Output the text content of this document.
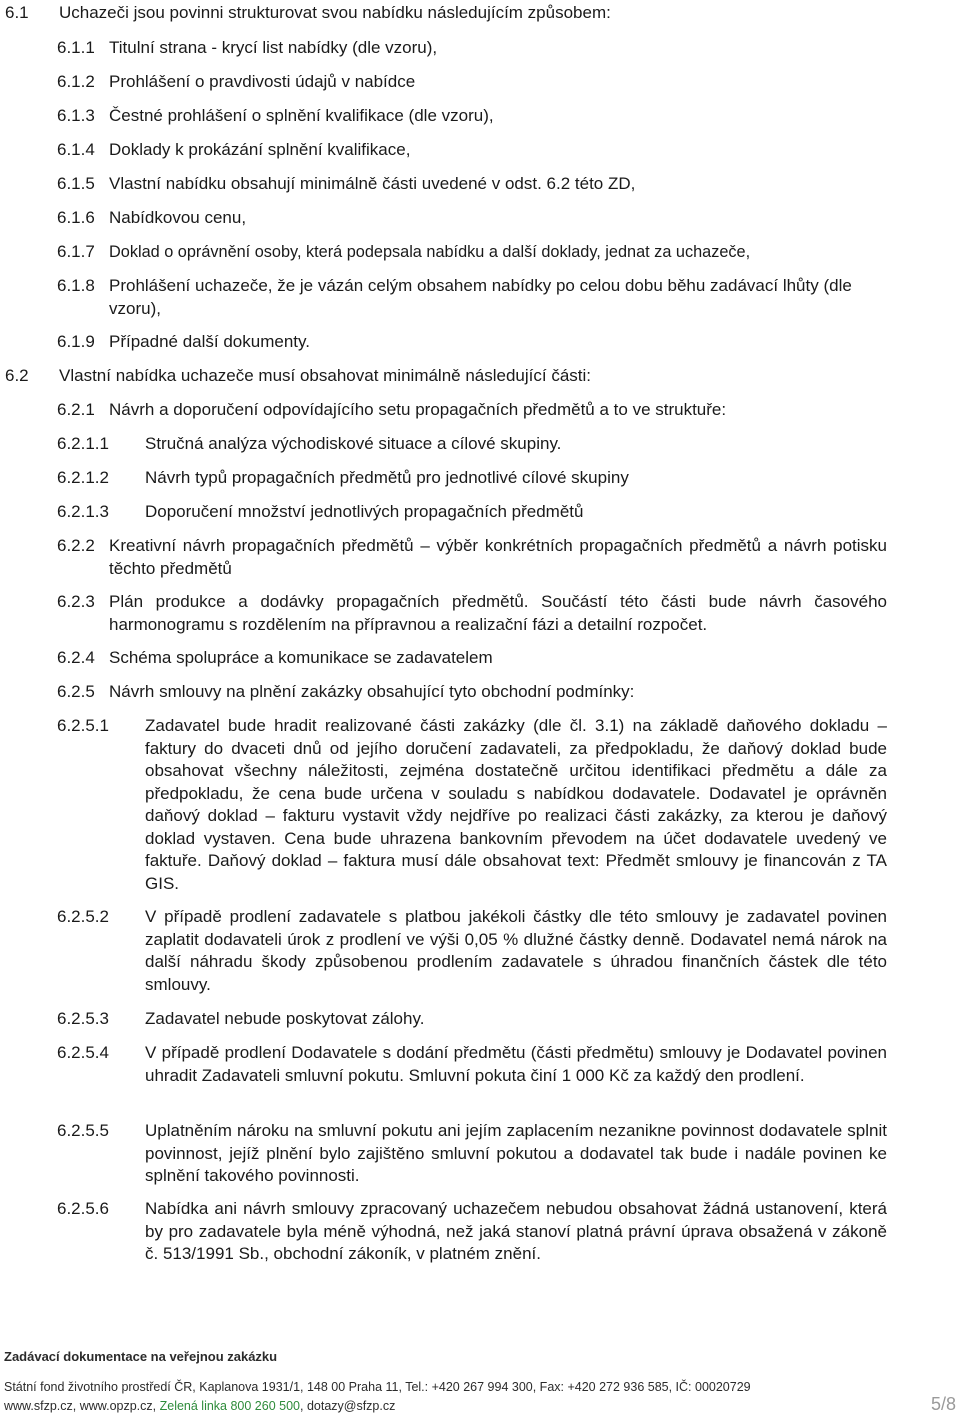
6.1 Uchazeči jsou povinni strukturovat svou nabídku následujícím způsobem:
6.1.1 Titulní strana - krycí list nabídky (dle vzoru),
6.1.2 Prohlášení o pravdivosti údajů v nabídce
6.1.3 Čestné prohlášení o splnění kvalifikace (dle vzoru),
6.1.4 Doklady k prokázání splnění kvalifikace,
6.1.5 Vlastní nabídku obsahují minimálně části uvedené v odst. 6.2 této ZD,
6.1.6 Nabídkovou cenu,
6.1.7 Doklad o oprávnění osoby, která podepsala nabídku a další doklady, jednat za uchazeče,
6.1.8 Prohlášení uchazeče, že je vázán celým obsahem nabídky po celou dobu běhu zadávací lhůty (dle vzoru),
6.1.9 Případné další dokumenty.
6.2 Vlastní nabídka uchazeče musí obsahovat minimálně následující části:
6.2.1 Návrh a doporučení odpovídajícího setu propagačních předmětů a to ve struktuře:
6.2.1.1 Stručná analýza východiskové situace a cílové skupiny.
6.2.1.2 Návrh typů propagačních předmětů pro jednotlivé cílové skupiny
6.2.1.3 Doporučení množství jednotlivých propagačních předmětů
6.2.2 Kreativní návrh propagačních předmětů – výběr konkrétních propagačních předmětů a návrh potisku těchto předmětů
6.2.3 Plán produkce a dodávky propagačních předmětů. Součástí této části bude návrh časového harmonogramu s rozdělením na přípravnou a realizační fázi a detailní rozpočet.
6.2.4 Schéma spolupráce a komunikace se zadavatelem
6.2.5 Návrh smlouvy na plnění zakázky obsahující tyto obchodní podmínky:
6.2.5.1 Zadavatel bude hradit realizované části zakázky (dle čl. 3.1) na základě daňového dokladu – faktury do dvaceti dnů od jejího doručení zadavateli, za předpokladu, že daňový doklad bude obsahovat všechny náležitosti, zejména dostatečně určitou identifikaci předmětu a dále za předpokladu, že cena bude určena v souladu s nabídkou dodavatele. Dodavatel je oprávněn daňový doklad – fakturu vystavit vždy nejdříve po realizaci části zakázky, za kterou je daňový doklad vystaven. Cena bude uhrazena bankovním převodem na účet dodavatele uvedený ve faktuře. Daňový doklad – faktura musí dále obsahovat text: Předmět smlouvy je financován z TA GIS.
6.2.5.2 V případě prodlení zadavatele s platbou jakékoli částky dle této smlouvy je zadavatel povinen zaplatit dodavateli úrok z prodlení ve výši 0,05 % dlužné částky denně. Dodavatel nemá nárok na další náhradu škody způsobenou prodlením zadavatele s úhradou finančních částek dle této smlouvy.
6.2.5.3 Zadavatel nebude poskytovat zálohy.
6.2.5.4 V případě prodlení Dodavatele s dodání předmětu (části předmětu) smlouvy je Dodavatel povinen uhradit Zadavateli smluvní pokutu. Smluvní pokuta činí 1 000 Kč za každý den prodlení.
6.2.5.5 Uplatněním nároku na smluvní pokutu ani jejím zaplacením nezanikne povinnost dodavatele splnit povinnost, jejíž plnění bylo zajištěno smluvní pokutou a dodavatel tak bude i nadále povinen ke splnění takového povinnosti.
6.2.5.6 Nabídka ani návrh smlouvy zpracovaný uchazečem nebudou obsahovat žádná ustanovení, která by pro zadavatele byla méně výhodná, než jaká stanoví platná právní úprava obsažená v zákoně č. 513/1991 Sb., obchodní zákoník, v platném znění.
Zadávací dokumentace na veřejnou zakázku
Státní fond životního prostředí ČR, Kaplanova 1931/1, 148 00 Praha 11, Tel.: +420 267 994 300, Fax: +420 272 936 585, IČ: 00020729
www.sfzp.cz, www.opzp.cz, Zelená linka 800 260 500, dotazy@sfzp.cz	5/8
